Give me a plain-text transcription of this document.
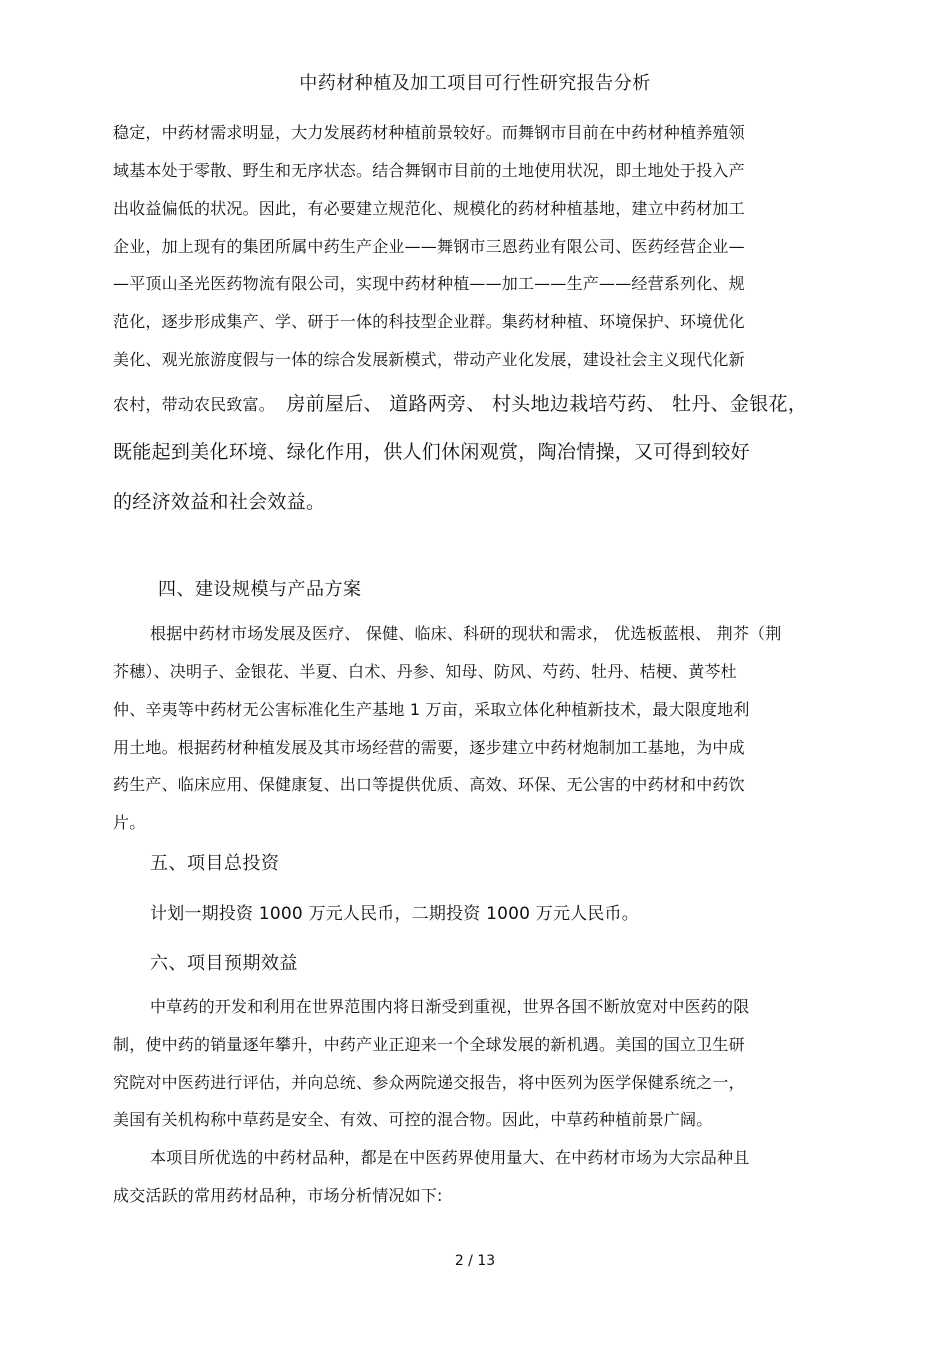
中药材种植及加工项目可行性研究报告分析
稳定，中药材需求明显，大力发展药材种植前景较好。而舞钢市目前在中药材种植养殖领
域基本处于零散、野生和无序状态。结合舞钢市目前的土地使用状况，即土地处于投入产
出收益偏低的状况。因此，有必要建立规范化、规模化的药材种植基地，建立中药材加工
企业，加上现有的集团所属中药生产企业——舞钢市三恩药业有限公司、医药经营企业—
—平顶山圣光医药物流有限公司，实现中药材种植——加工——生产——经营系列化、规
范化，逐步形成集产、学、研于一体的科技型企业群。集药材种植、环境保护、环境优化
美化、观光旅游度假与一体的综合发展新模式，带动产业化发展，建设社会主义现代化新
农村，带动农民致富。 房前屋后、 道路两旁、 村头地边栽培芍药、 牡丹、金银花，
既能起到美化环境、绿化作用，供人们休闲观赏，陶冶情操，又可得到较好
的经济效益和社会效益。
四、建设规模与产品方案
根据中药材市场发展及医疗、 保健、临床、科研的现状和需求， 优选板蓝根、 荆芥（荆
芥穗）、决明子、金银花、半夏、白术、丹参、知母、防风、芍药、牡丹、桔梗、黄芩杜
仲、辛夷等中药材无公害标准化生产基地 1 万亩，采取立体化种植新技术，最大限度地利
用土地。根据药材种植发展及其市场经营的需要，逐步建立中药材炮制加工基地，为中成
药生产、临床应用、保健康复、出口等提供优质、高效、环保、无公害的中药材和中药饮
片。
五、项目总投资
计划一期投资 1000 万元人民币，二期投资 1000 万元人民币。
六、项目预期效益
中草药的开发和利用在世界范围内将日渐受到重视，世界各国不断放宽对中医药的限
制，使中药的销量逐年攀升，中药产业正迎来一个全球发展的新机遇。美国的国立卫生研
究院对中医药进行评估，并向总统、参众两院递交报告，将中医列为医学保健系统之一，
美国有关机构称中草药是安全、有效、可控的混合物。因此，中草药种植前景广阔。
本项目所优选的中药材品种，都是在中医药界使用量大、在中药材市场为大宗品种且
成交活跃的常用药材品种，市场分析情况如下:
2 / 13
